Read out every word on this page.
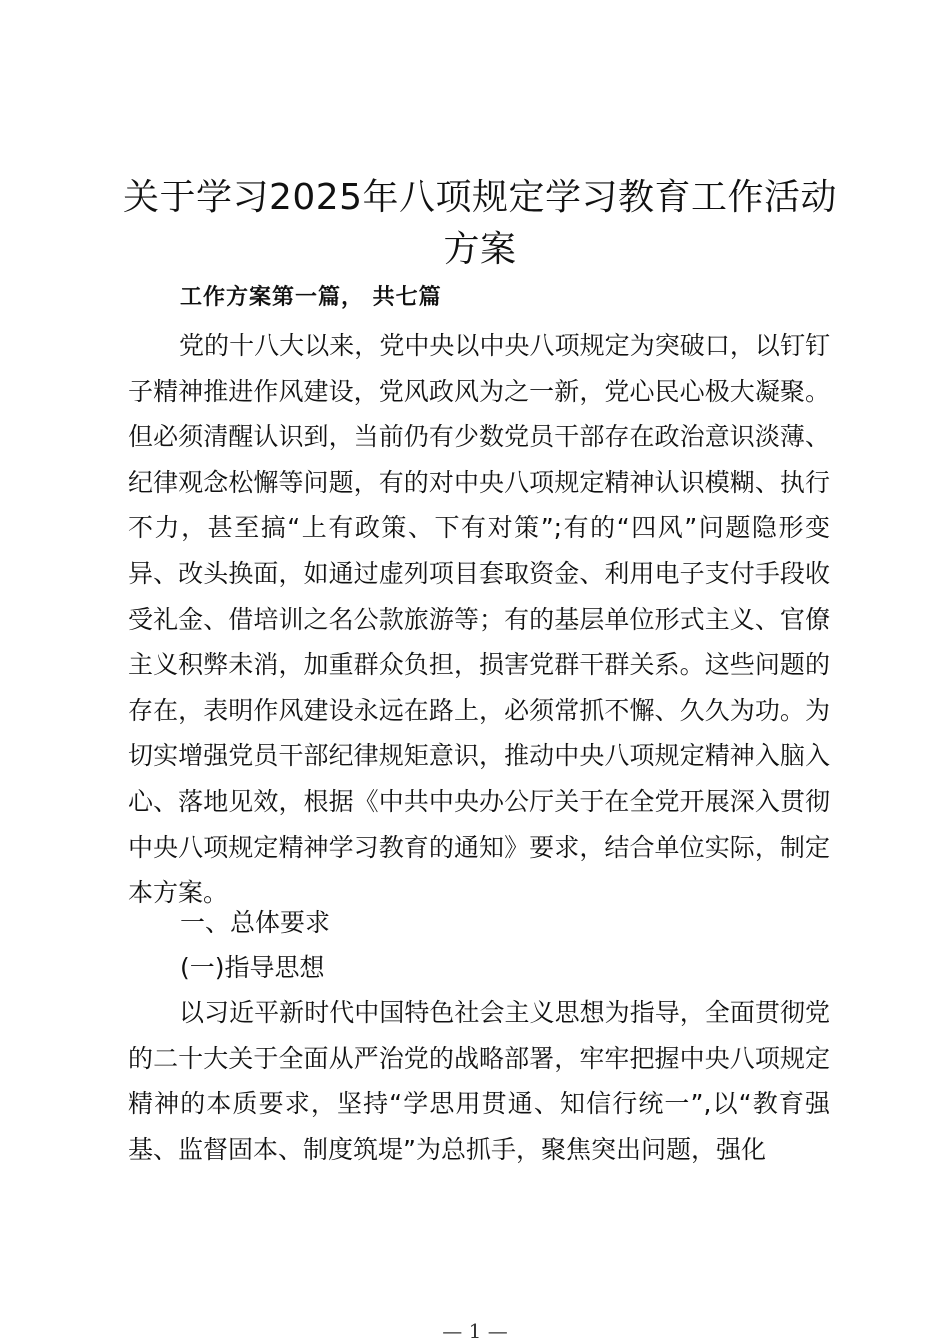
关于学习2025年八项规定学习教育工作活动方案

工作方案第一篇， 共七篇

党的十八大以来，党中央以中央八项规定为突破口，以钉钉子精神推进作风建设，党风政风为之一新，党心民心极大凝聚。但必须清醒认识到，当前仍有少数党员干部存在政治意识淡薄、纪律观念松懈等问题，有的对中央八项规定精神认识模糊、执行不力，甚至搞“上有政策、下有对策”;有的“四风”问题隐形变异、改头换面，如通过虚列项目套取资金、利用电子支付手段收受礼金、借培训之名公款旅游等；有的基层单位形式主义、官僚主义积弊未消，加重群众负担，损害党群干群关系。这些问题的存在，表明作风建设永远在路上，必须常抓不懈、久久为功。为切实增强党员干部纪律规矩意识，推动中央八项规定精神入脑入心、落地见效，根据《中共中央办公厅关于在全党开展深入贯彻中央八项规定精神学习教育的通知》要求，结合单位实际，制定本方案。

一、总体要求
(一)指导思想

以习近平新时代中国特色社会主义思想为指导，全面贯彻党的二十大关于全面从严治党的战略部署，牢牢把握中央八项规定精神的本质要求，坚持“学思用贯通、知信行统一”,以“教育强基、监督固本、制度筑堤”为总抓手，聚焦突出问题，强化

— 1 —
